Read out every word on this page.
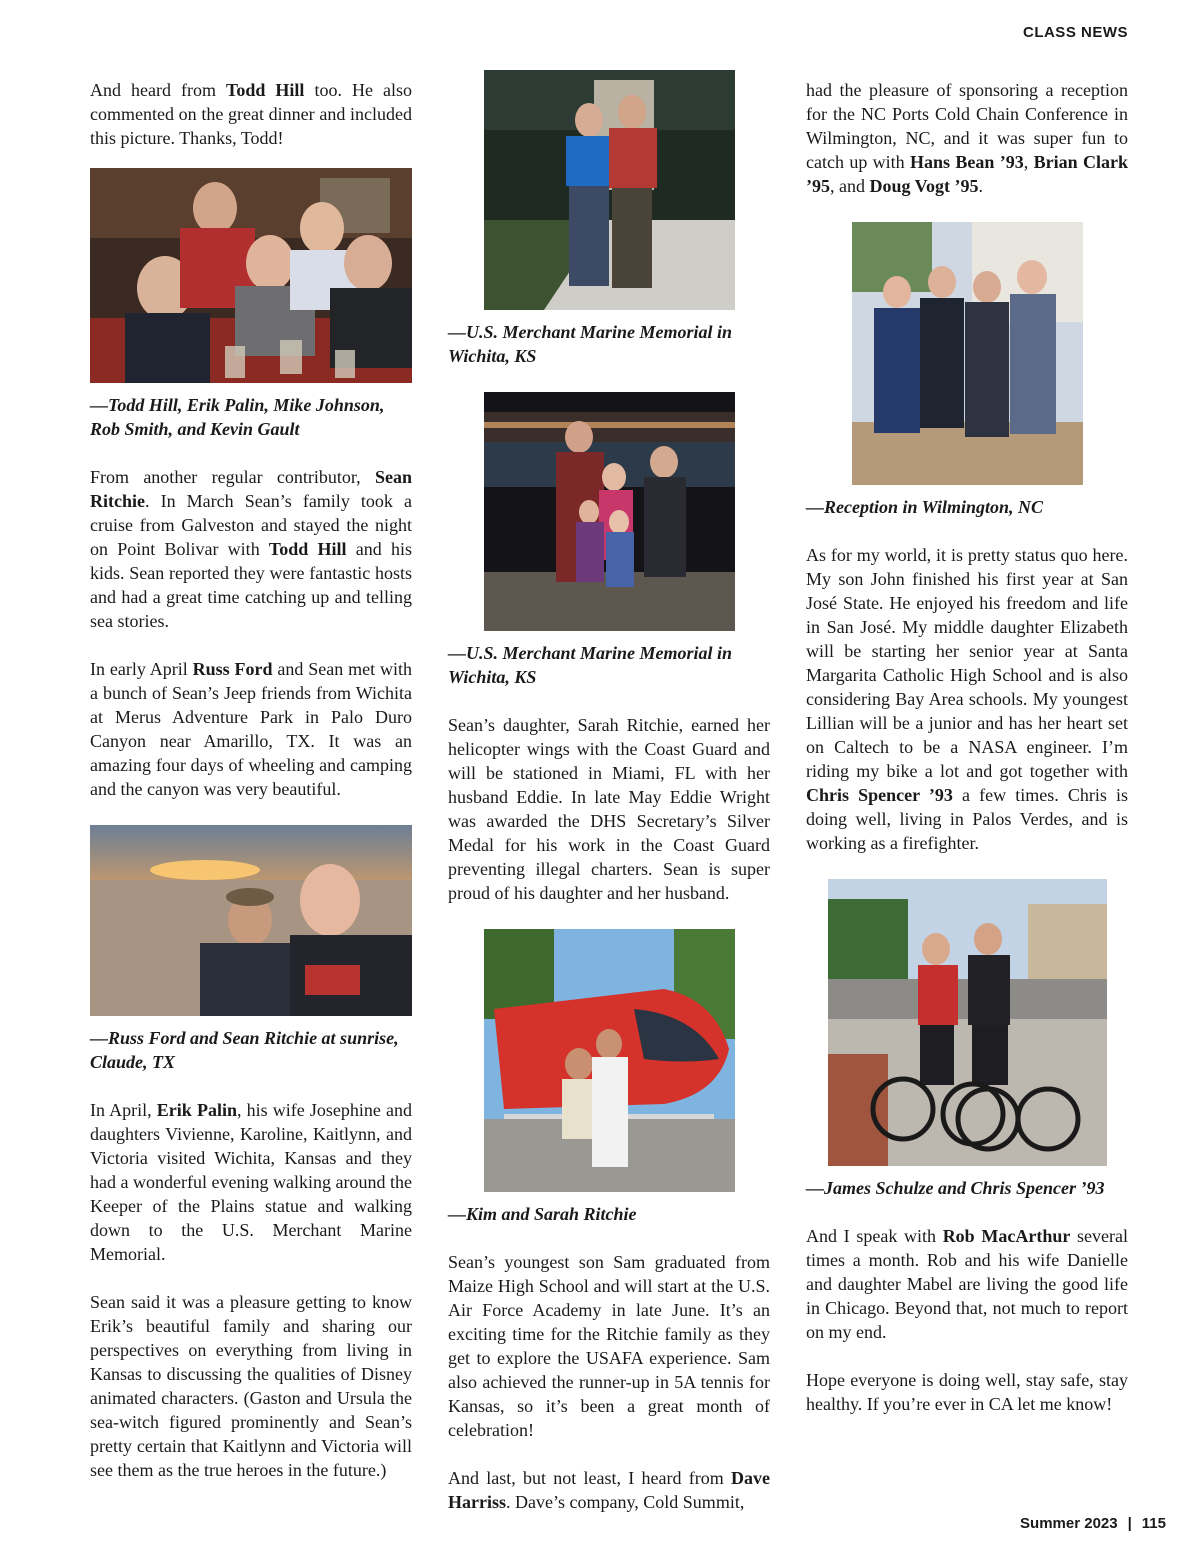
CLASS NEWS

And heard from Todd Hill too. He also commented on the great dinner and included this picture. Thanks, Todd!

—Todd Hill, Erik Palin, Mike Johnson, Rob Smith, and Kevin Gault

From another regular contributor, Sean Ritchie. In March Sean’s family took a cruise from Galveston and stayed the night on Point Bolivar with Todd Hill and his kids. Sean reported they were fantastic hosts and had a great time catching up and telling sea stories.

In early April Russ Ford and Sean met with a bunch of Sean’s Jeep friends from Wichita at Merus Adventure Park in Palo Duro Canyon near Amarillo, TX. It was an amazing four days of wheeling and camping and the canyon was very beautiful.

—Russ Ford and Sean Ritchie at sunrise, Claude, TX

In April, Erik Palin, his wife Josephine and daughters Vivienne, Karoline, Kaitlynn, and Victoria visited Wichita, Kansas and they had a wonderful evening walking around the Keeper of the Plains statue and walking down to the U.S. Merchant Marine Memorial.

Sean said it was a pleasure getting to know Erik’s beautiful family and sharing our perspectives on everything from living in Kansas to discussing the qualities of Disney animated characters. (Gaston and Ursula the sea-witch figured prominently and Sean’s pretty certain that Kaitlynn and Victoria will see them as the true heroes in the future.)

—U.S. Merchant Marine Memorial in Wichita, KS

—U.S. Merchant Marine Memorial in Wichita, KS

Sean’s daughter, Sarah Ritchie, earned her helicopter wings with the Coast Guard and will be stationed in Miami, FL with her husband Eddie. In late May Eddie Wright was awarded the DHS Secretary’s Silver Medal for his work in the Coast Guard preventing illegal charters. Sean is super proud of his daughter and her husband.

—Kim and Sarah Ritchie

Sean’s youngest son Sam graduated from Maize High School and will start at the U.S. Air Force Academy in late June. It’s an exciting time for the Ritchie family as they get to explore the USAFA experience. Sam also achieved the runner-up in 5A tennis for Kansas, so it’s been a great month of celebration!

And last, but not least, I heard from Dave Harriss. Dave’s company, Cold Summit,

had the pleasure of sponsoring a reception for the NC Ports Cold Chain Conference in Wilmington, NC, and it was super fun to catch up with Hans Bean ’93, Brian Clark ’95, and Doug Vogt ’95.

—Reception in Wilmington, NC

As for my world, it is pretty status quo here. My son John finished his first year at San José State. He enjoyed his freedom and life in San José. My middle daughter Elizabeth will be starting her senior year at Santa Margarita Catholic High School and is also considering Bay Area schools. My youngest Lillian will be a junior and has her heart set on Caltech to be a NASA engineer. I’m riding my bike a lot and got together with Chris Spencer ’93 a few times. Chris is doing well, living in Palos Verdes, and is working as a firefighter.

—James Schulze and Chris Spencer ’93

And I speak with Rob MacArthur several times a month. Rob and his wife Danielle and daughter Mabel are living the good life in Chicago. Beyond that, not much to report on my end.

Hope everyone is doing well, stay safe, stay healthy. If you’re ever in CA let me know!

Summer 2023 | 115
